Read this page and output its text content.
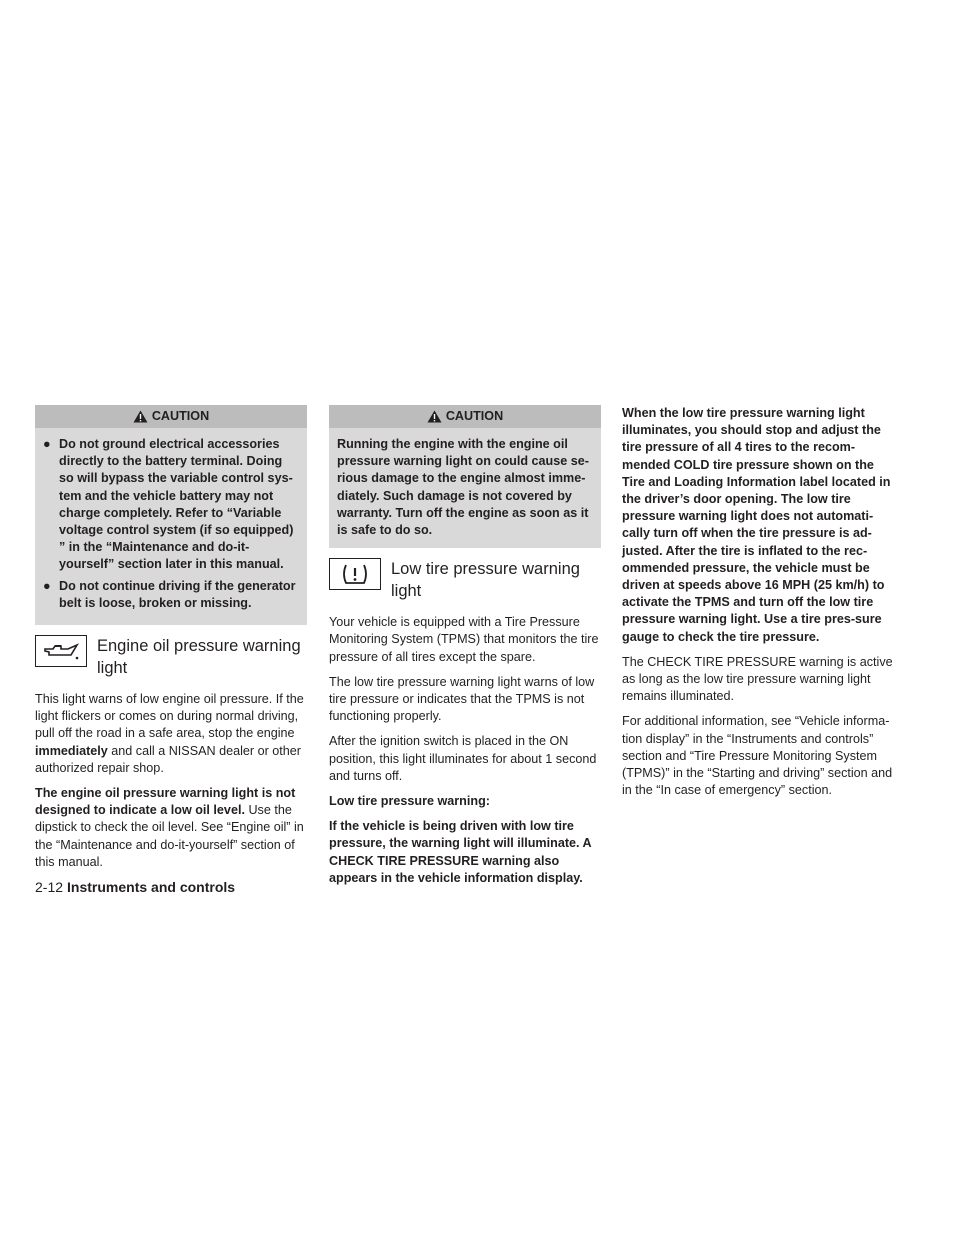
CAUTION
● Do not ground electrical accessories directly to the battery terminal. Doing so will bypass the variable control sys-tem and the vehicle battery may not charge completely. Refer to “Variable voltage control system (if so equipped) ” in the “Maintenance and do-it-yourself” section later in this manual.
● Do not continue driving if the generator belt is loose, broken or missing.
Engine oil pressure warning light

This light warns of low engine oil pressure. If the light flickers or comes on during normal driving, pull off the road in a safe area, stop the engine immediately and call a NISSAN dealer or other authorized repair shop.

The engine oil pressure warning light is not designed to indicate a low oil level. Use the dipstick to check the oil level. See “Engine oil” in the “Maintenance and do-it-yourself” section of this manual.

CAUTION
Running the engine with the engine oil pressure warning light on could cause se-rious damage to the engine almost imme-diately. Such damage is not covered by warranty. Turn off the engine as soon as it is safe to do so.
Low tire pressure warning light

Your vehicle is equipped with a Tire Pressure Monitoring System (TPMS) that monitors the tire pressure of all tires except the spare.

The low tire pressure warning light warns of low tire pressure or indicates that the TPMS is not functioning properly.

After the ignition switch is placed in the ON position, this light illuminates for about 1 second and turns off.

Low tire pressure warning:

If the vehicle is being driven with low tire pressure, the warning light will illuminate. A CHECK TIRE PRESSURE warning also appears in the vehicle information display.

When the low tire pressure warning light illuminates, you should stop and adjust the tire pressure of all 4 tires to the recom-mended COLD tire pressure shown on the Tire and Loading Information label located in the driver’s door opening. The low tire pressure warning light does not automati-cally turn off when the tire pressure is ad-justed. After the tire is inflated to the rec-ommended pressure, the vehicle must be driven at speeds above 16 MPH (25 km/h) to activate the TPMS and turn off the low tire pressure warning light. Use a tire pres-sure gauge to check the tire pressure.

The CHECK TIRE PRESSURE warning is active as long as the low tire pressure warning light remains illuminated.

For additional information, see “Vehicle informa-tion display” in the “Instruments and controls” section and “Tire Pressure Monitoring System (TPMS)” in the “Starting and driving” section and in the “In case of emergency” section.

2-12 Instruments and controls
